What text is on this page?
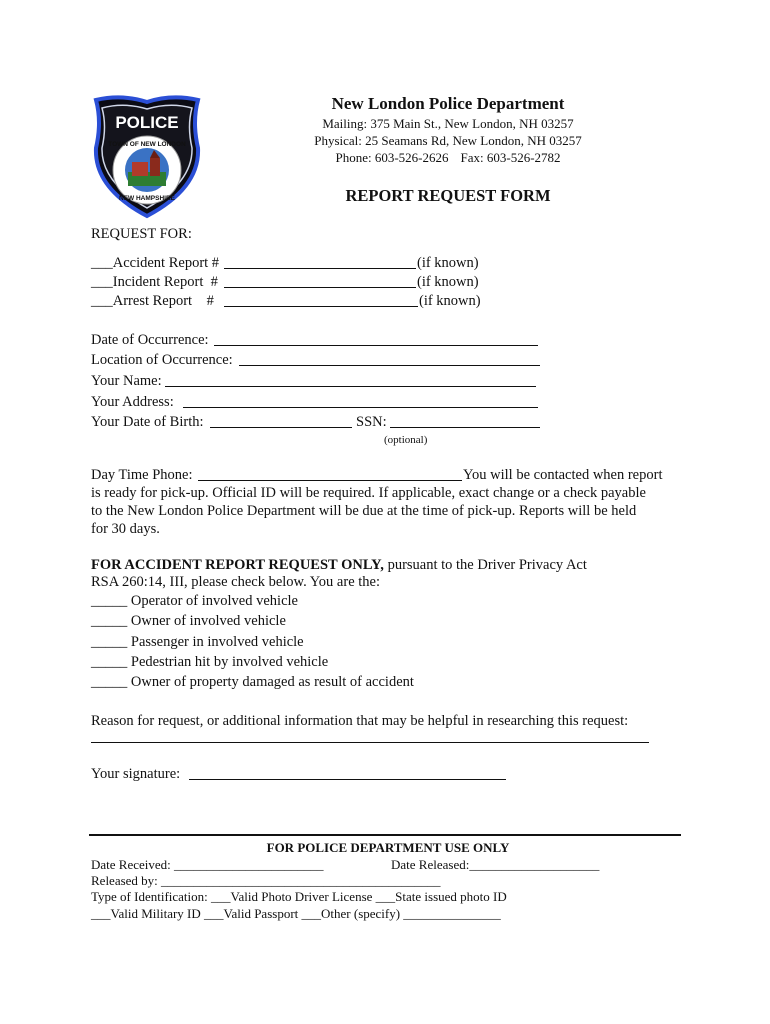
POLICE
TOWN OF NEW LONDON
NEW HAMPSHIRE
New London Police Department
Mailing: 375 Main St., New London, NH 03257
Physical: 25 Seamans Rd, New London, NH 03257
Phone: 603-526-2626 Fax: 603-526-2782
REPORT REQUEST FORM
REQUEST FOR:
___Accident Report #	(if known)
___Incident Report  #	(if known)
___Arrest Report    #	(if known)
Date of Occurrence:
Location of Occurrence:
Your Name:
Your Address:
Your Date of Birth:	SSN:
(optional)
Day Time Phone:	You will be contacted when report
is ready for pick-up. Official ID will be required. If applicable, exact change or a check payable
to the New London Police Department will be due at the time of pick-up. Reports will be held
for 30 days.
FOR ACCIDENT REPORT REQUEST ONLY, pursuant to the Driver Privacy Act
RSA 260:14, III, please check below. You are the:
_____ Operator of involved vehicle
_____ Owner of involved vehicle
_____ Passenger in involved vehicle
_____ Pedestrian hit by involved vehicle
_____ Owner of property damaged as result of accident
Reason for request, or additional information that may be helpful in researching this request:
Your signature:
FOR POLICE DEPARTMENT USE ONLY
Date Received: _______________________	Date Released:____________________
Released by: ___________________________________________
Type of Identification: ___Valid Photo Driver License ___State issued photo ID
___Valid Military ID ___Valid Passport ___Other (specify) _______________
